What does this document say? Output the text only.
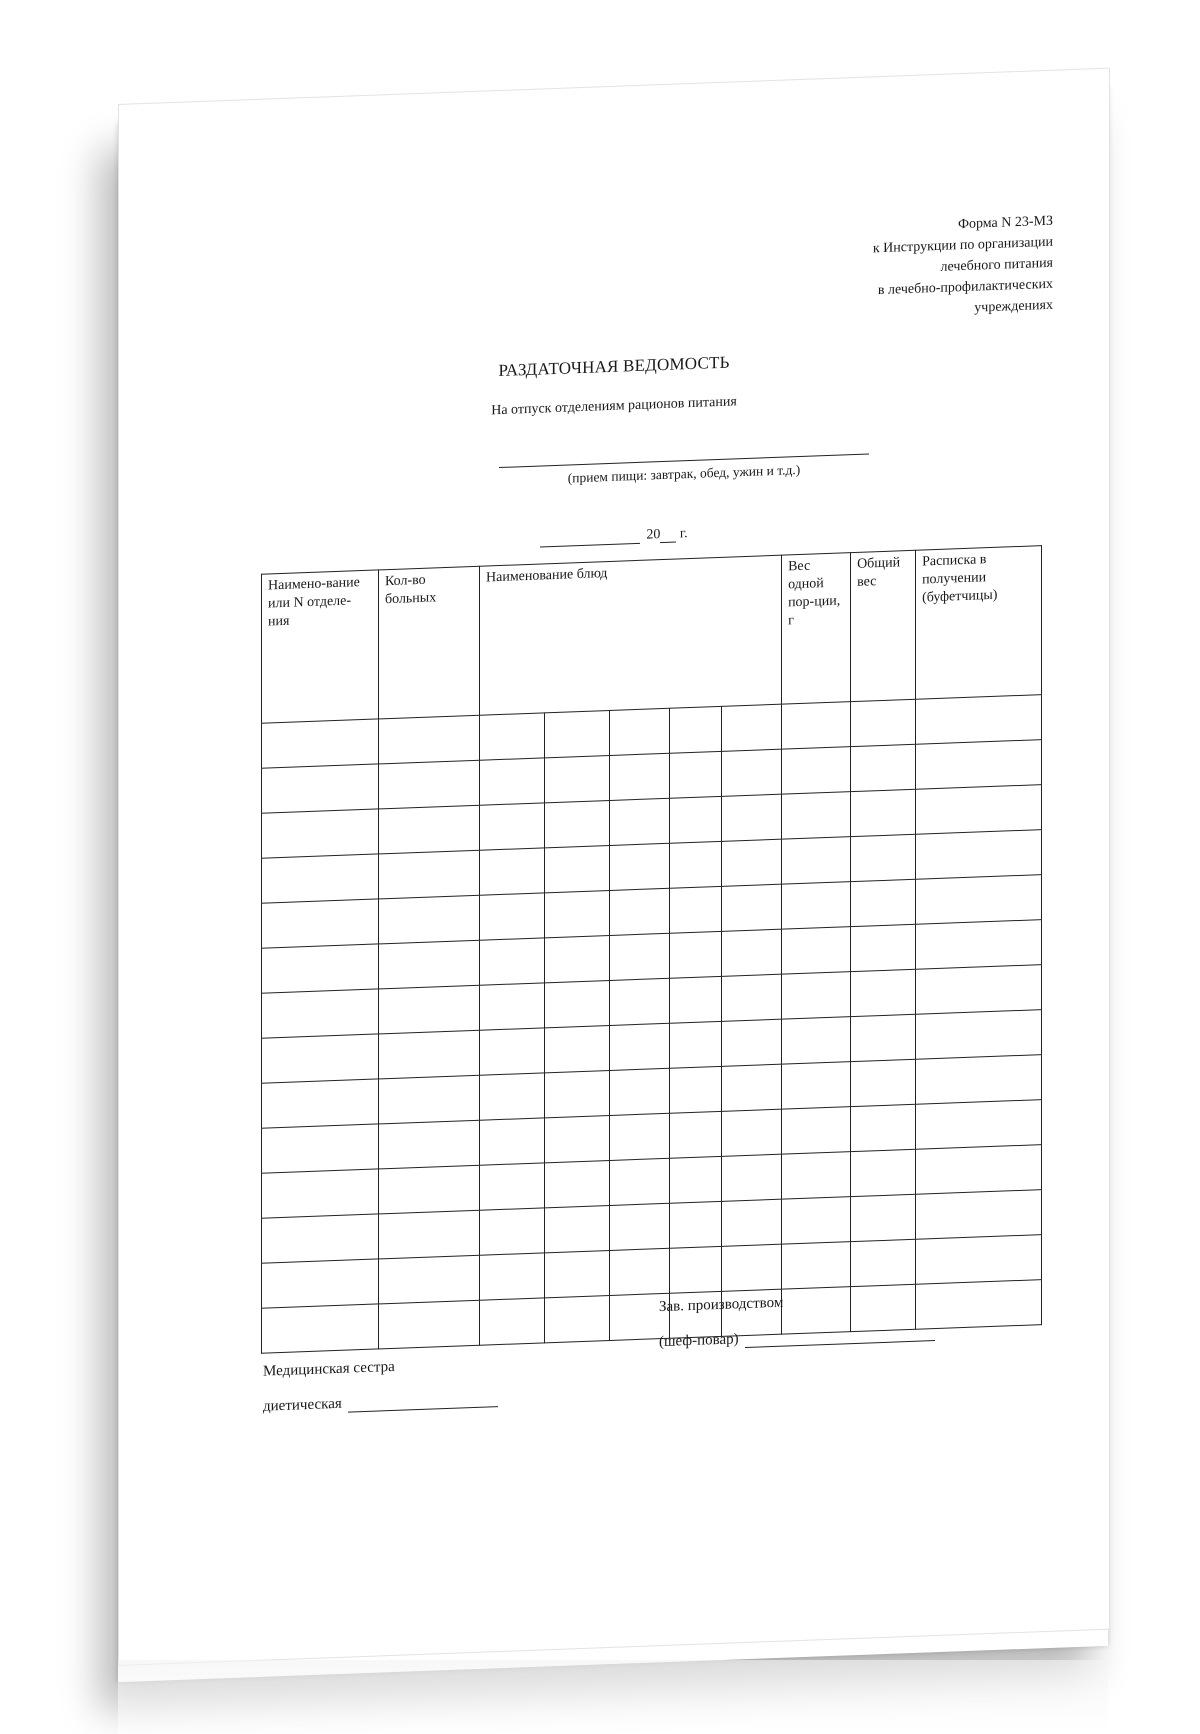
Форма N 23-МЗ
к Инструкции по организации
лечебного питания
в лечебно-профилактических
учреждениях
РАЗДАТОЧНАЯ ВЕДОМОСТЬ
На отпуск отделениям рационов питания
(прием пищи: завтрак, обед, ужин и т.д.)
20 г.
Наимено-вание или N отделе-ния	Кол-во больных	Наименование блюд					Вес одной пор-ции, г	Общий вес	Расписка в получении (буфетчицы)

Зав. производством
(шеф-повар)
Медицинская сестра
диетическая
